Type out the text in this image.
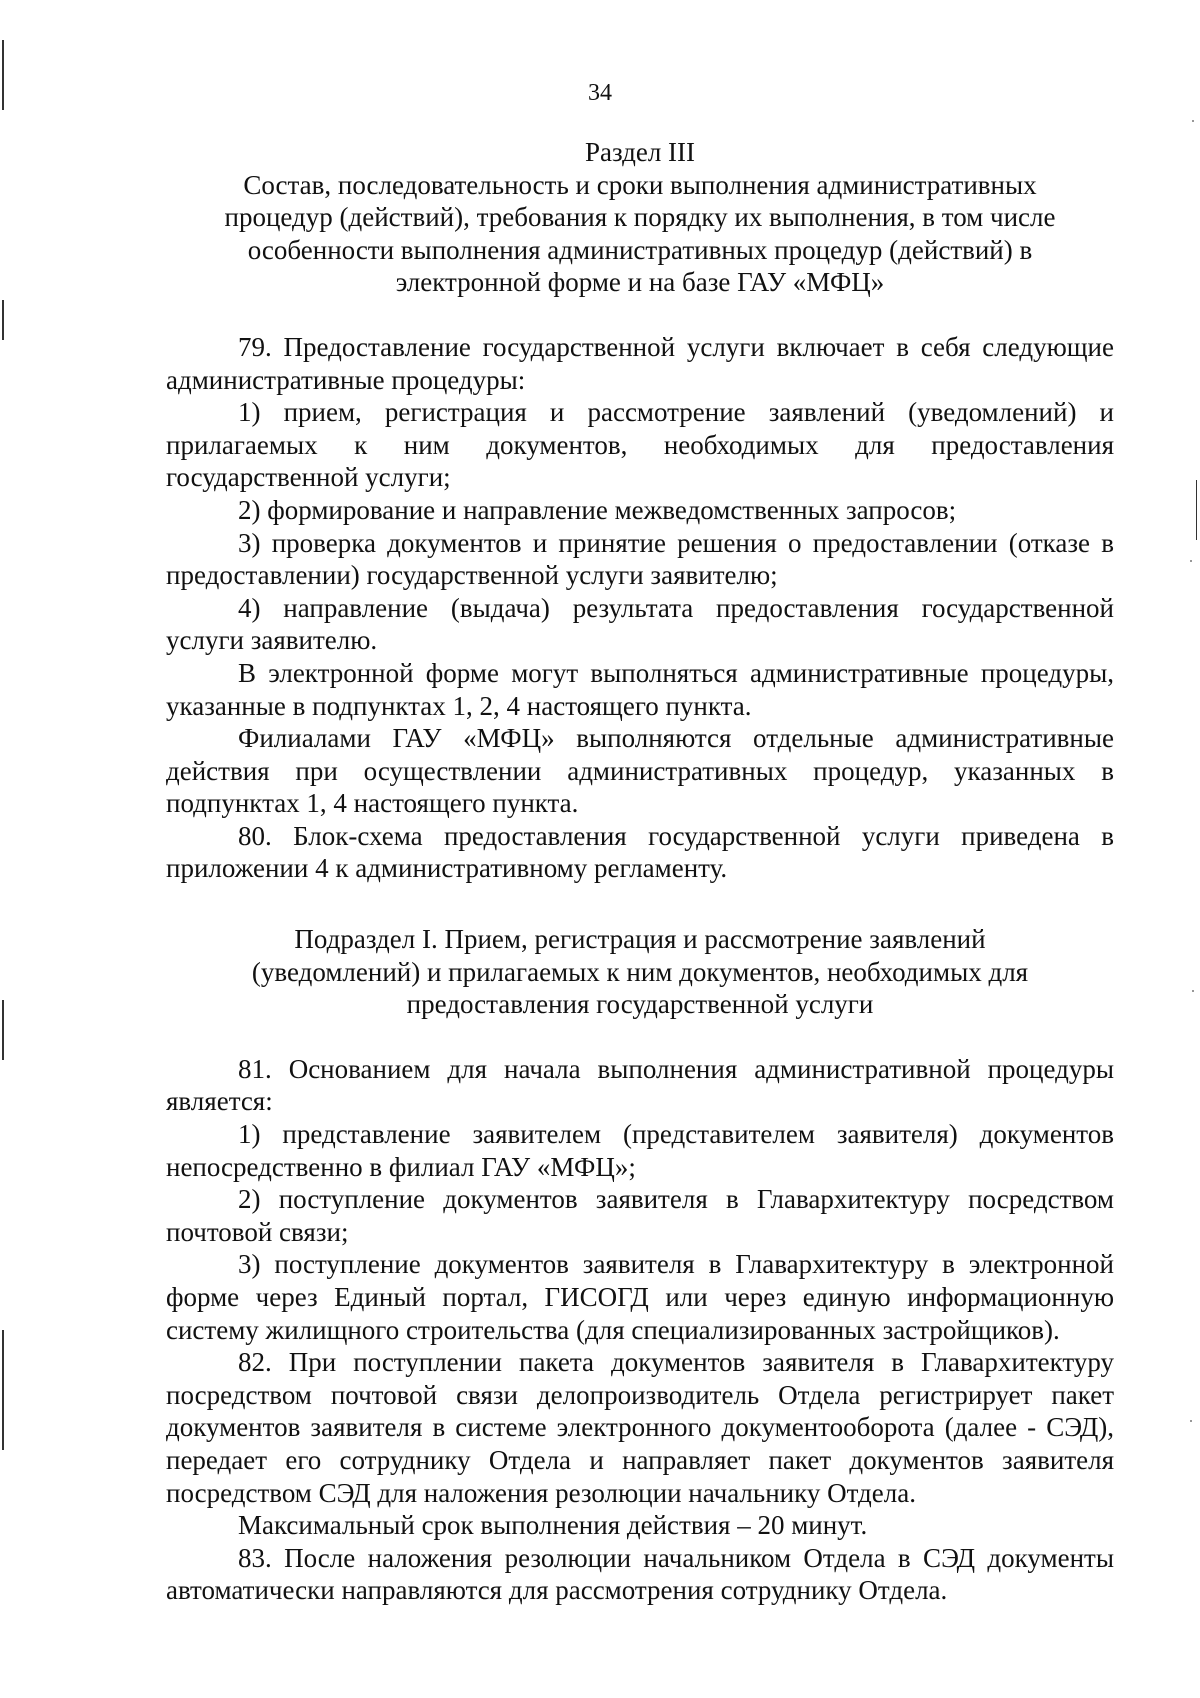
34
Раздел III
Состав, последовательность и сроки выполнения административных
процедур (действий), требования к порядку их выполнения, в том числе
особенности выполнения административных процедур (действий) в
электронной форме и на базе ГАУ «МФЦ»

79. Предоставление государственной услуги включает в себя следующие административные процедуры:

1) прием, регистрация и рассмотрение заявлений (уведомлений) и прилагаемых к ним документов, необходимых для предоставления государственной услуги;

2) формирование и направление межведомственных запросов;

3) проверка документов и принятие решения о предоставлении (отказе в предоставлении) государственной услуги заявителю;

4) направление (выдача) результата предоставления государственной услуги заявителю.

В электронной форме могут выполняться административные процедуры, указанные в подпунктах 1, 2, 4 настоящего пункта.

Филиалами ГАУ «МФЦ» выполняются отдельные административные действия при осуществлении административных процедур, указанных в подпунктах 1, 4 настоящего пункта.

80. Блок-схема предоставления государственной услуги приведена в приложении 4 к административному регламенту.

Подраздел I. Прием, регистрация и рассмотрение заявлений
(уведомлений) и прилагаемых к ним документов, необходимых для
предоставления государственной услуги

81. Основанием для начала выполнения административной процедуры является:

1) представление заявителем (представителем заявителя) документов непосредственно в филиал ГАУ «МФЦ»;

2) поступление документов заявителя в Главархитектуру посредством почтовой связи;

3) поступление документов заявителя в Главархитектуру в электронной форме через Единый портал, ГИСОГД или через единую информационную систему жилищного строительства (для специализированных застройщиков).

82. При поступлении пакета документов заявителя в Главархитектуру посредством почтовой связи делопроизводитель Отдела регистрирует пакет документов заявителя в системе электронного документооборота (далее - СЭД), передает его сотруднику Отдела и направляет пакет документов заявителя посредством СЭД для наложения резолюции начальнику Отдела.

Максимальный срок выполнения действия – 20 минут.

83. После наложения резолюции начальником Отдела в СЭД документы автоматически направляются для рассмотрения сотруднику Отдела.
